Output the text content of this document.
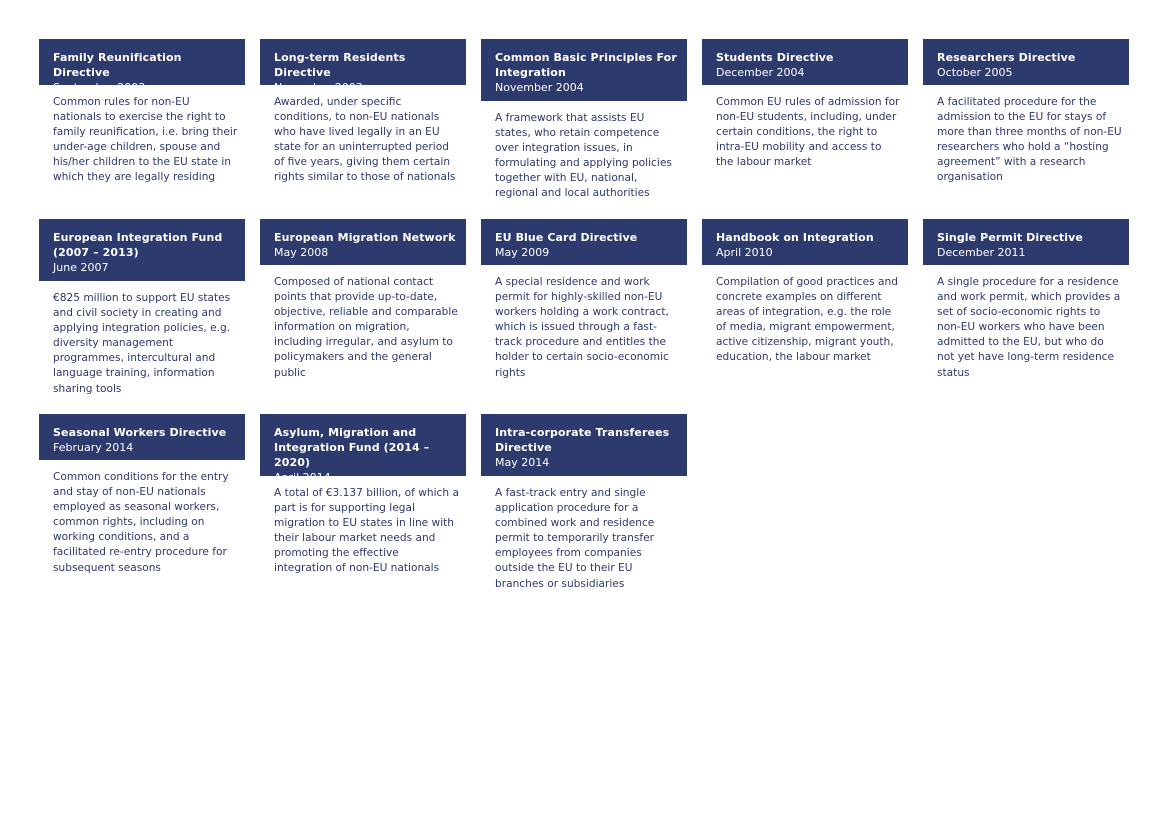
Family Reunification Directive
September 2003
Common rules for non-EU nationals to exercise the right to family reunification, i.e. bring their under-age children, spouse and his/her children to the EU state in which they are legally residing
Long-term Residents Directive
November 2003
Awarded, under specific conditions, to non-EU nationals who have lived legally in an EU state for an uninterrupted period of five years, giving them certain rights similar to those of nationals
Common Basic Principles For Integration
November 2004
A framework that assists EU states, who retain competence over integration issues, in formulating and applying policies together with EU, national, regional and local authorities
Students Directive
December 2004
Common EU rules of admission for non-EU students, including, under certain conditions, the right to intra-EU mobility and access to the labour market
Researchers Directive
October 2005
A facilitated procedure for the admission to the EU for stays of more than three months of non-EU researchers who hold a “hosting agreement” with a research organisation
European Integration Fund (2007 – 2013)
June 2007
€825 million to support EU states and civil society in creating and applying integration policies, e.g. diversity management programmes, intercultural and language training, information sharing tools
European Migration Network
May 2008
Composed of national contact points that provide up-to-date, objective, reliable and comparable information on migration, including irregular, and asylum to policymakers and the general public
EU Blue Card Directive
May 2009
A special residence and work permit for highly-skilled non-EU workers holding a work contract, which is issued through a fast-track procedure and entitles the holder to certain socio-economic rights
Handbook on Integration
April 2010
Compilation of good practices and concrete examples on different areas of integration, e.g. the role of media, migrant empowerment, active citizenship, migrant youth, education, the labour market
Single Permit Directive
December 2011
A single procedure for a residence and work permit, which provides a set of socio-economic rights to non-EU workers who have been admitted to the EU, but who do not yet have long-term residence status
Seasonal Workers Directive
February 2014
Common conditions for the entry and stay of non-EU nationals employed as seasonal workers, common rights, including on working conditions, and a facilitated re-entry procedure for subsequent seasons
Asylum, Migration and Integration Fund (2014 – 2020)
April 2014
A total of €3.137 billion, of which a part is for supporting legal migration to EU states in line with their labour market needs and promoting the effective integration of non-EU nationals
Intra-corporate Transferees Directive
May 2014
A fast-track entry and single application procedure for a combined work and residence permit to temporarily transfer employees from companies outside the EU to their EU branches or subsidiaries
